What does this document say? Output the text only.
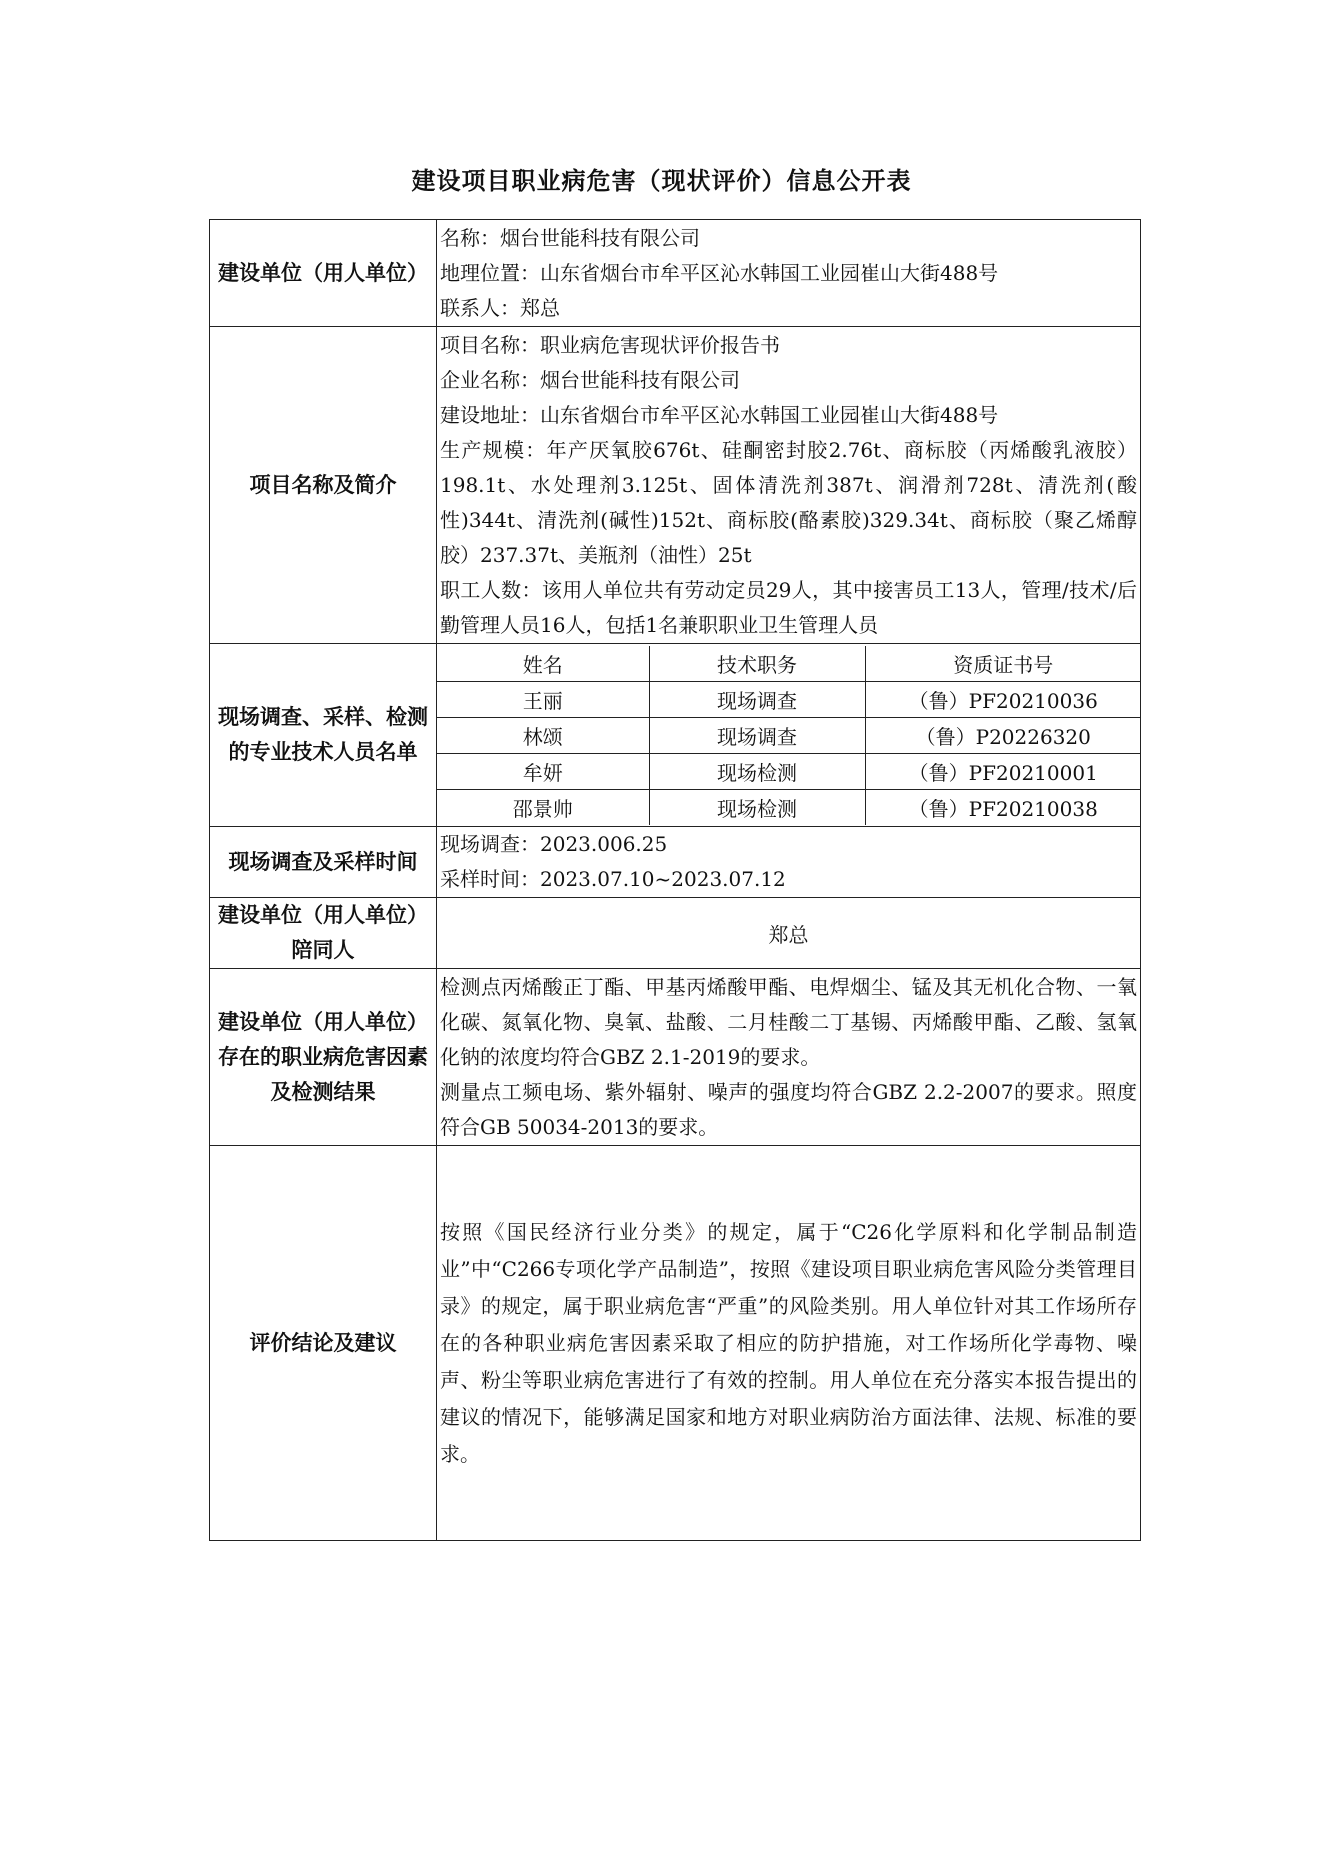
建设项目职业病危害（现状评价）信息公开表
建设单位（用人单位）	
名称：烟台世能科技有限公司
地理位置：山东省烟台市牟平区沁水韩国工业园崔山大街488号
联系人：郑总

项目名称及简介	
项目名称：职业病危害现状评价报告书
企业名称：烟台世能科技有限公司
建设地址：山东省烟台市牟平区沁水韩国工业园崔山大街488号
生产规模：年产厌氧胶676t、硅酮密封胶2.76t、商标胶（丙烯酸乳液胶）198.1t、水处理剂3.125t、固体清洗剂387t、润滑剂728t、清洗剂(酸性)344t、清洗剂(碱性)152t、商标胶(酪素胶)329.34t、商标胶（聚乙烯醇胶）237.37t、美瓶剂（油性）25t
职工人数：该用人单位共有劳动定员29人，其中接害员工13人，管理/技术/后勤管理人员16人，包括1名兼职职业卫生管理人员

现场调查、采样、检测的专业技术人员名单	
姓名	技术职务	资质证书号
王丽	现场调查	（鲁）PF20210036
林颂	现场调查	（鲁）P20226320
牟妍	现场检测	（鲁）PF20210001
邵景帅	现场检测	（鲁）PF20210038

现场调查及采样时间	
现场调查：2023.006.25
采样时间：2023.07.10~2023.07.12

建设单位（用人单位）陪同人	郑总
建设单位（用人单位）存在的职业病危害因素及检测结果	
检测点丙烯酸正丁酯、甲基丙烯酸甲酯、电焊烟尘、锰及其无机化合物、一氧化碳、氮氧化物、臭氧、盐酸、二月桂酸二丁基锡、丙烯酸甲酯、乙酸、氢氧化钠的浓度均符合GBZ 2.1-2019的要求。
测量点工频电场、紫外辐射、噪声的强度均符合GBZ 2.2-2007的要求。照度符合GB 50034-2013的要求。

评价结论及建议	
按照《国民经济行业分类》的规定，属于“C26化学原料和化学制品制造业”中“C266专项化学产品制造”，按照《建设项目职业病危害风险分类管理目录》的规定，属于职业病危害“严重”的风险类别。用人单位针对其工作场所存在的各种职业病危害因素采取了相应的防护措施，对工作场所化学毒物、噪声、粉尘等职业病危害进行了有效的控制。用人单位在充分落实本报告提出的建议的情况下，能够满足国家和地方对职业病防治方面法律、法规、标准的要求。
